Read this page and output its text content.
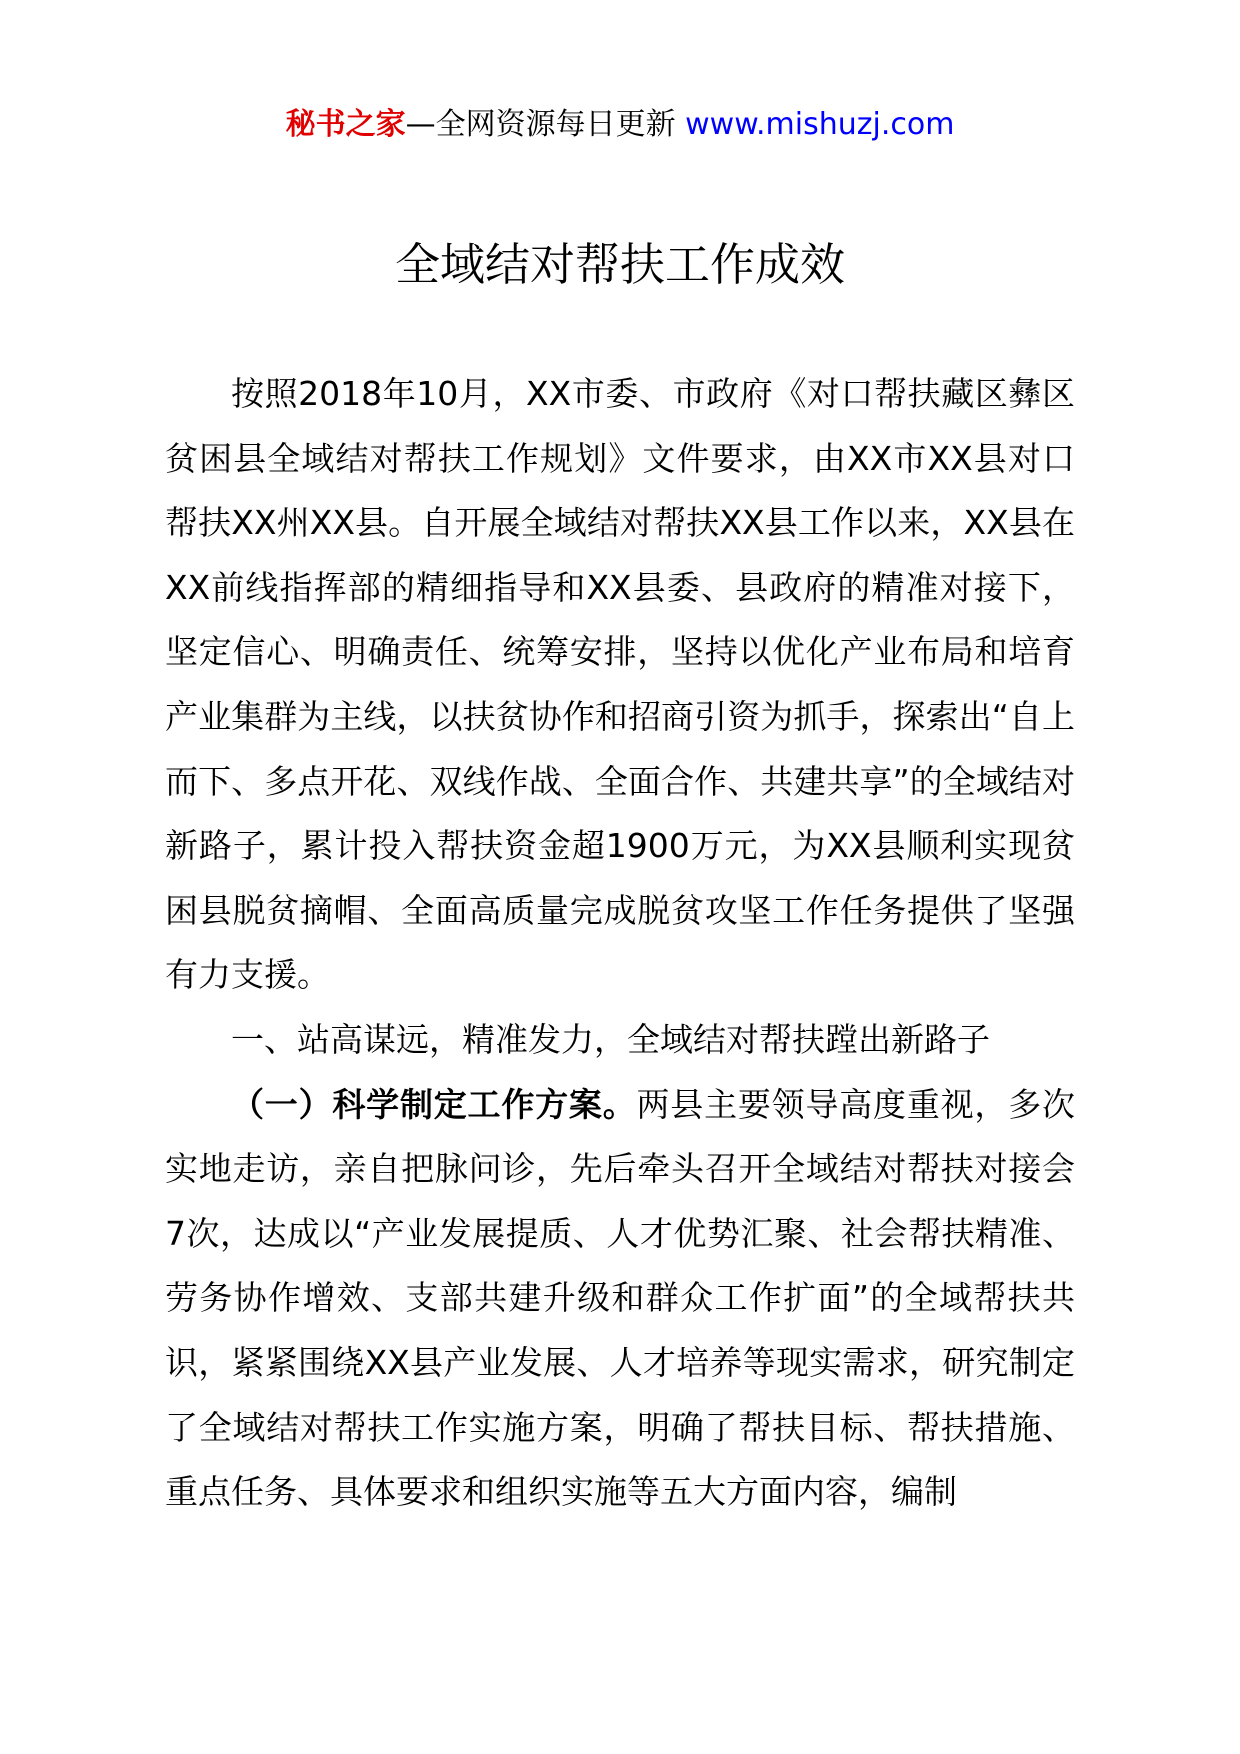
秘书之家—全网资源每日更新 www.mishuzj.com
全域结对帮扶工作成效

按照2018年10月，XX市委、市政府《对口帮扶藏区彝区贫困县全域结对帮扶工作规划》文件要求，由XX市XX县对口帮扶XX州XX县。自开展全域结对帮扶XX县工作以来，XX县在XX前线指挥部的精细指导和XX县委、县政府的精准对接下，坚定信心、明确责任、统筹安排，坚持以优化产业布局和培育产业集群为主线，以扶贫协作和招商引资为抓手，探索出“自上而下、多点开花、双线作战、全面合作、共建共享”的全域结对新路子，累计投入帮扶资金超1900万元，为XX县顺利实现贫困县脱贫摘帽、全面高质量完成脱贫攻坚工作任务提供了坚强有力支援。

一、站高谋远，精准发力，全域结对帮扶蹚出新路子

（一）科学制定工作方案。两县主要领导高度重视，多次实地走访，亲自把脉问诊，先后牵头召开全域结对帮扶对接会7次，达成以“产业发展提质、人才优势汇聚、社会帮扶精准、劳务协作增效、支部共建升级和群众工作扩面”的全域帮扶共识，紧紧围绕XX县产业发展、人才培养等现实需求，研究制定了全域结对帮扶工作实施方案，明确了帮扶目标、帮扶措施、重点任务、具体要求和组织实施等五大方面内容，编制
